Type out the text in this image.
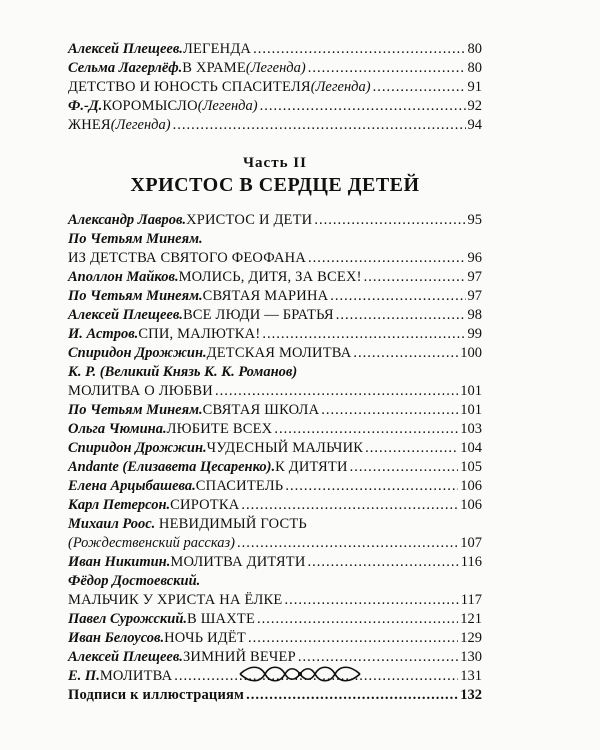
Алексей Плещеев. ЛЕГЕНДА .....	80
Сельма Лагерлёф. В ХРАМЕ (Легенда) .....	80
ДЕТСТВО И ЮНОСТЬ СПАСИТЕЛЯ (Легенда) .....	91
Ф.-Д. КОРОМЫСЛО (Легенда) .....	92
ЖНЕЯ (Легенда) .....	94
Часть II
ХРИСТОС В СЕРДЦЕ ДЕТЕЙ
Александр Лавров. ХРИСТОС И ДЕТИ .....	95
По Четьям Минеям.
ИЗ ДЕТСТВА СВЯТОГО ФЕОФАНА .....	96
Аполлон Майков. МОЛИСЬ, ДИТЯ, ЗА ВСЕХ! .....	97
По Четьям Минеям. СВЯТАЯ МАРИНА .....	97
Алексей Плещеев. ВСЕ ЛЮДИ — БРАТЬЯ .....	98
И. Астров. СПИ, МАЛЮТКА! .....	99
Спиридон Дрожжин. ДЕТСКАЯ МОЛИТВА .....	100
К. Р. (Великий Князь К. К. Романов)
МОЛИТВА О ЛЮБВИ .....	101
По Четьям Минеям. СВЯТАЯ ШКОЛА .....	101
Ольга Чюмина. ЛЮБИТЕ ВСЕХ .....	103
Спиридон Дрожжин. ЧУДЕСНЫЙ МАЛЬЧИК .....	104
Andante (Елизавета Цесаренко). К ДИТЯТИ .....	105
Елена Арцыбашева. СПАСИТЕЛЬ .....	106
Карл Петерсон. СИРОТКА .....	106
Михаил Роос. НЕВИДИМЫЙ ГОСТЬ
(Рождественский рассказ) .....	107
Иван Никитин. МОЛИТВА ДИТЯТИ .....	116
Фёдор Достоевский.
МАЛЬЧИК У ХРИСТА НА ЁЛКЕ .....	117
Павел Сурожский. В ШАХТЕ .....	121
Иван Белоусов. НОЧЬ ИДЁТ .....	129
Алексей Плещеев. ЗИМНИЙ ВЕЧЕР .....	130
Е. П. МОЛИТВА .....	131
Подписи к иллюстрациям .....	132
